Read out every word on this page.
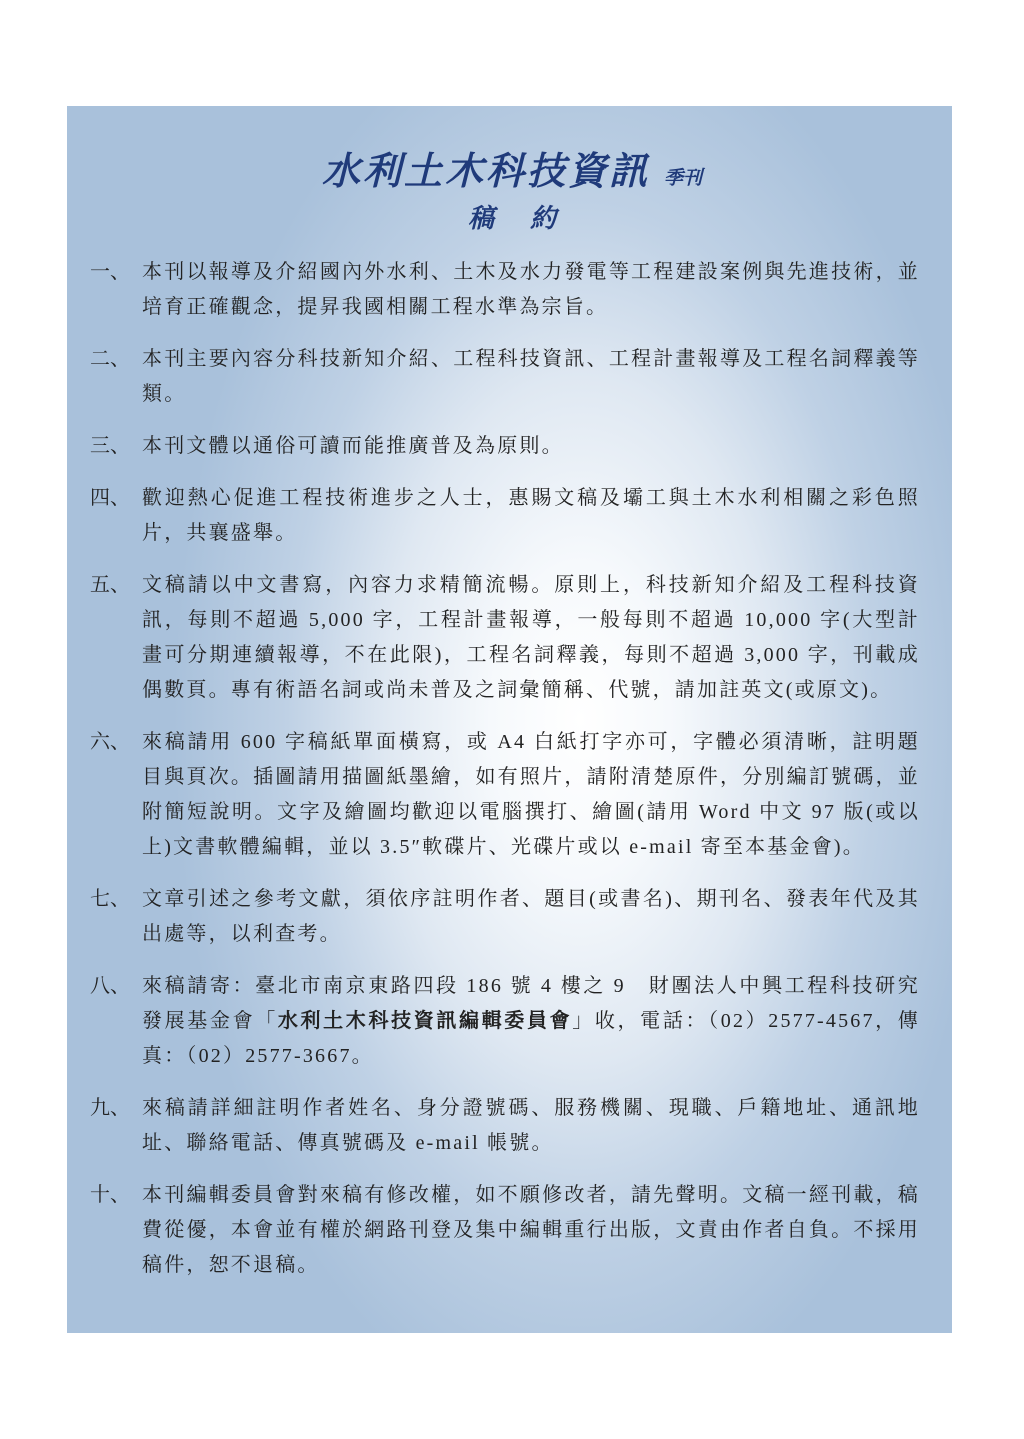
水利土木科技資訊 季刊
稿約
一、 本刊以報導及介紹國內外水利、土木及水力發電等工程建設案例與先進技術，並培育正確觀念，提昇我國相關工程水準為宗旨。
二、 本刊主要內容分科技新知介紹、工程科技資訊、工程計畫報導及工程名詞釋義等類。
三、 本刊文體以通俗可讀而能推廣普及為原則。
四、 歡迎熱心促進工程技術進步之人士，惠賜文稿及壩工與土木水利相關之彩色照片，共襄盛舉。
五、 文稿請以中文書寫，內容力求精簡流暢。原則上，科技新知介紹及工程科技資訊，每則不超過 5,000 字，工程計畫報導，一般每則不超過 10,000 字(大型計畫可分期連續報導，不在此限)，工程名詞釋義，每則不超過 3,000 字，刊載成偶數頁。專有術語名詞或尚未普及之詞彙簡稱、代號，請加註英文(或原文)。
六、 來稿請用 600 字稿紙單面橫寫，或 A4 白紙打字亦可，字體必須清晰，註明題目與頁次。插圖請用描圖紙墨繪，如有照片，請附清楚原件，分別編訂號碼，並附簡短說明。文字及繪圖均歡迎以電腦撰打、繪圖(請用 Word 中文 97 版(或以上)文書軟體編輯，並以 3.5″軟碟片、光碟片或以 e-mail 寄至本基金會)。
七、 文章引述之參考文獻，須依序註明作者、題目(或書名)、期刊名、發表年代及其出處等，以利查考。
八、 來稿請寄：臺北市南京東路四段 186 號 4 樓之 9　財團法人中興工程科技研究發展基金會「水利土木科技資訊編輯委員會」收，電話：（02）2577-4567，傳真：（02）2577-3667。
九、 來稿請詳細註明作者姓名、身分證號碼、服務機關、現職、戶籍地址、通訊地址、聯絡電話、傳真號碼及 e-mail 帳號。
十、 本刊編輯委員會對來稿有修改權，如不願修改者，請先聲明。文稿一經刊載，稿費從優，本會並有權於網路刊登及集中編輯重行出版，文責由作者自負。不採用稿件，恕不退稿。
